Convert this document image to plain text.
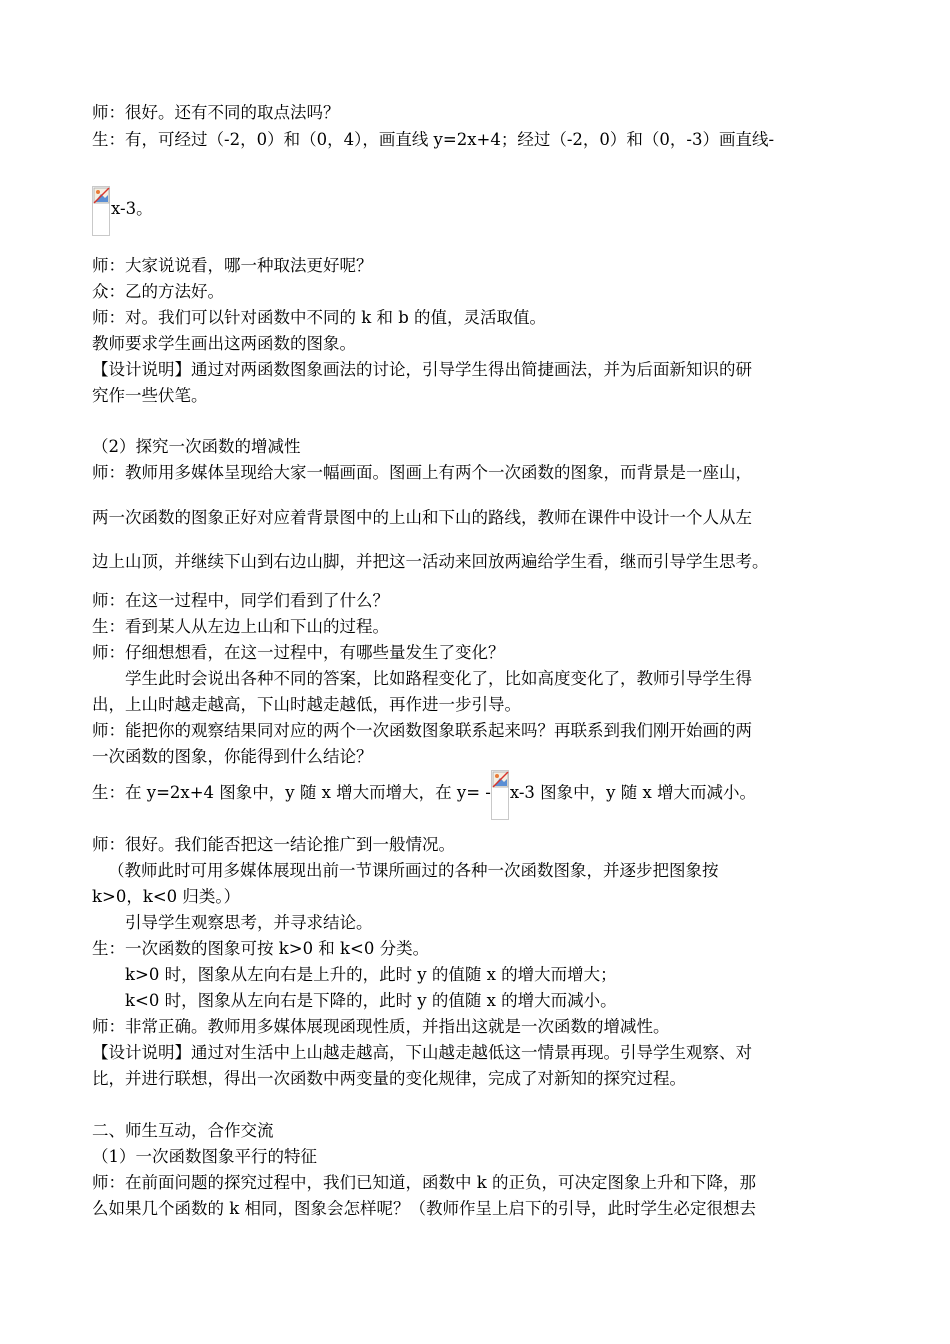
师：很好。还有不同的取点法吗？
生：有，可经过（-2，0）和（0，4），画直线 y=2x+4；经过（-2，0）和（0，-3）画直线-
x-3。
师：大家说说看，哪一种取法更好呢？
众：乙的方法好。
师：对。我们可以针对函数中不同的 k 和 b 的值，灵活取值。
教师要求学生画出这两函数的图象。
【设计说明】通过对两函数图象画法的讨论，引导学生得出简捷画法，并为后面新知识的研
究作一些伏笔。
（2）探究一次函数的增减性
师：教师用多媒体呈现给大家一幅画面。图画上有两个一次函数的图象，而背景是一座山，
两一次函数的图象正好对应着背景图中的上山和下山的路线，教师在课件中设计一个人从左
边上山顶，并继续下山到右边山脚，并把这一活动来回放两遍给学生看，继而引导学生思考。
师：在这一过程中，同学们看到了什么？
生：看到某人从左边上山和下山的过程。
师：仔细想想看，在这一过程中，有哪些量发生了变化？
学生此时会说出各种不同的答案，比如路程变化了，比如高度变化了，教师引导学生得
出，上山时越走越高，下山时越走越低，再作进一步引导。
师：能把你的观察结果同对应的两个一次函数图象联系起来吗？再联系到我们刚开始画的两
一次函数的图象，你能得到什么结论？
生：在 y=2x+4 图象中，y 随 x 增大而增大，在 y= - x-3 图象中，y 随 x 增大而减小。
师：很好。我们能否把这一结论推广到一般情况。
（教师此时可用多媒体展现出前一节课所画过的各种一次函数图象，并逐步把图象按
k>0，k<0 归类。）
引导学生观察思考，并寻求结论。
生：一次函数的图象可按 k>0 和 k<0 分类。
k>0 时，图象从左向右是上升的，此时 y 的值随 x 的增大而增大；
k<0 时，图象从左向右是下降的，此时 y 的值随 x 的增大而减小。
师：非常正确。教师用多媒体展现函现性质，并指出这就是一次函数的增减性。
【设计说明】通过对生活中上山越走越高，下山越走越低这一情景再现。引导学生观察、对
比，并进行联想，得出一次函数中两变量的变化规律，完成了对新知的探究过程。
二、师生互动，合作交流
（1）一次函数图象平行的特征
师：在前面问题的探究过程中，我们已知道，函数中 k 的正负，可决定图象上升和下降，那
么如果几个函数的 k 相同，图象会怎样呢？（教师作呈上启下的引导，此时学生必定很想去
